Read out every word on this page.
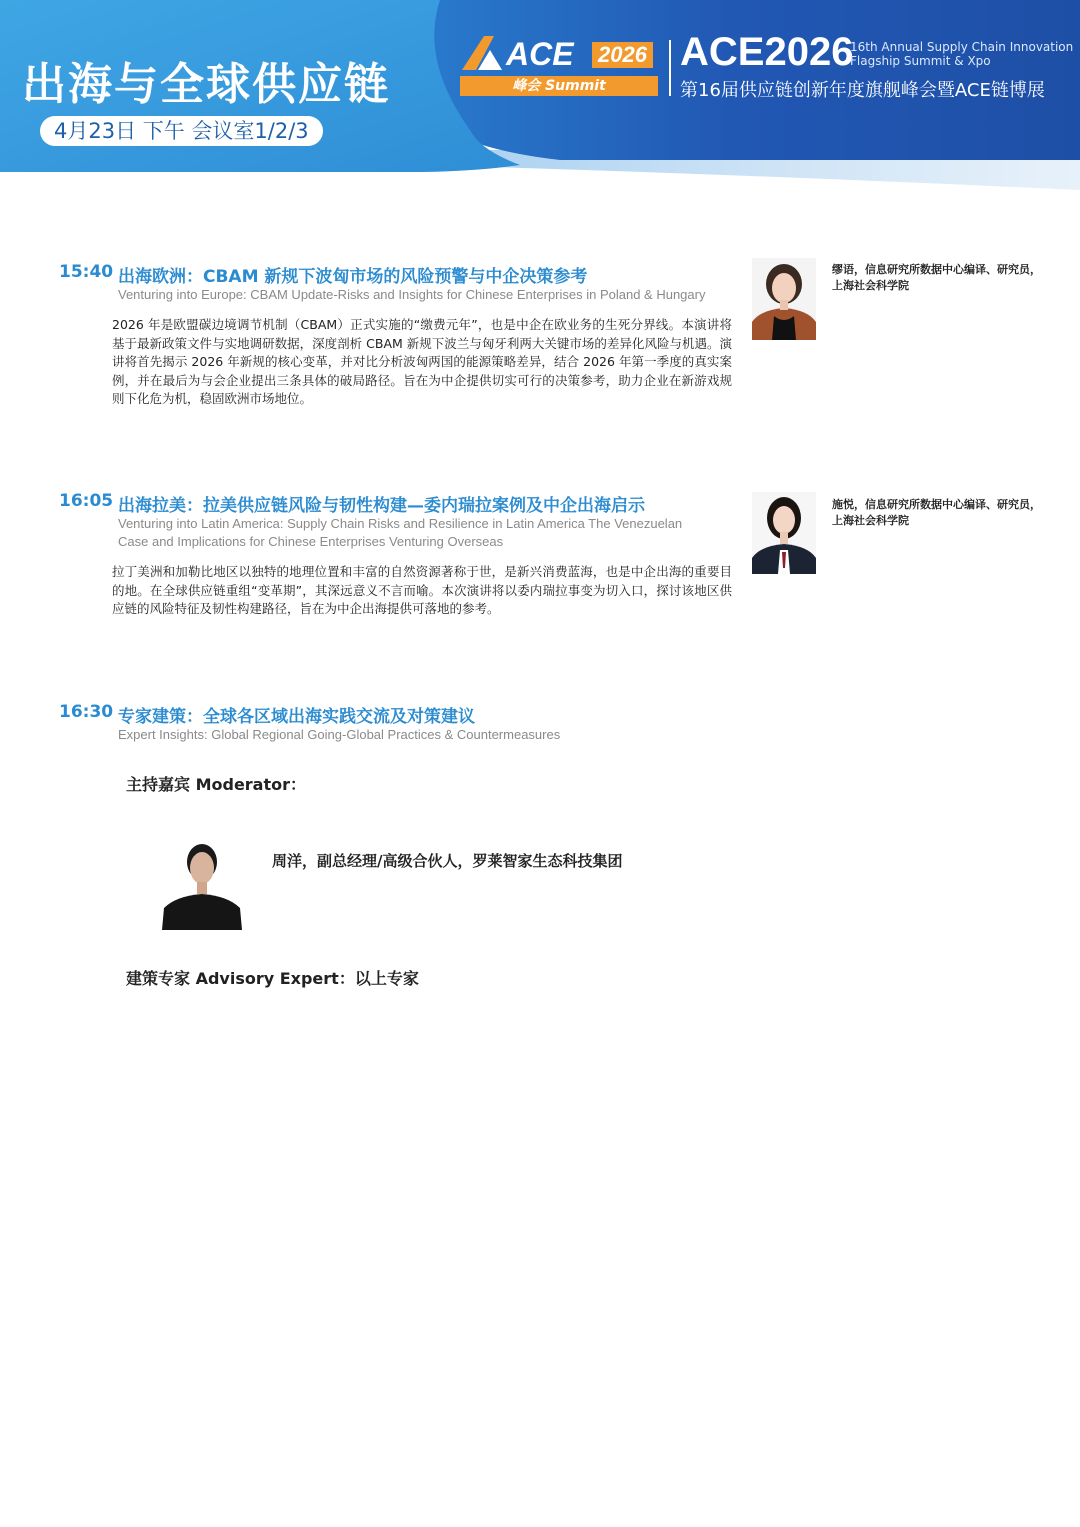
出海与全球供应链
4月23日 下午 会议室1/2/3
ACE 2026
峰会 Summit
ACE2026
16th Annual Supply Chain Innovation
Flagship Summit & Xpo
第16届供应链创新年度旗舰峰会暨ACE链博展
15:40 出海欧洲：CBAM 新规下波匈市场的风险预警与中企决策参考
Venturing into Europe: CBAM Update-Risks and Insights for Chinese Enterprises in Poland & Hungary
2026 年是欧盟碳边境调节机制（CBAM）正式实施的“缴费元年”，也是中企在欧业务的生死分界线。本演讲将基于最新政策文件与实地调研数据，深度剖析 CBAM 新规下波兰与匈牙利两大关键市场的差异化风险与机遇。演讲将首先揭示 2026 年新规的核心变革，并对比分析波匈两国的能源策略差异，结合 2026 年第一季度的真实案例，并在最后为与会企业提出三条具体的破局路径。旨在为中企提供切实可行的决策参考，助力企业在新游戏规则下化危为机，稳固欧洲市场地位。
缪语，信息研究所数据中心编译、研究员，
上海社会科学院
16:05 出海拉美：拉美供应链风险与韧性构建—委内瑞拉案例及中企出海启示
Venturing into Latin America: Supply Chain Risks and Resilience in Latin America The Venezuelan
Case and Implications for Chinese Enterprises Venturing Overseas
拉丁美洲和加勒比地区以独特的地理位置和丰富的自然资源著称于世，是新兴消费蓝海，也是中企出海的重要目的地。在全球供应链重组“变革期”，其深远意义不言而喻。本次演讲将以委内瑞拉事变为切入口，探讨该地区供应链的风险特征及韧性构建路径，旨在为中企出海提供可落地的参考。
施悦，信息研究所数据中心编译、研究员，
上海社会科学院
16:30 专家建策：全球各区域出海实践交流及对策建议
Expert Insights: Global Regional Going-Global Practices & Countermeasures
主持嘉宾 Moderator：
周洋，副总经理/高级合伙人，罗莱智家生态科技集团
建策专家 Advisory Expert：以上专家
